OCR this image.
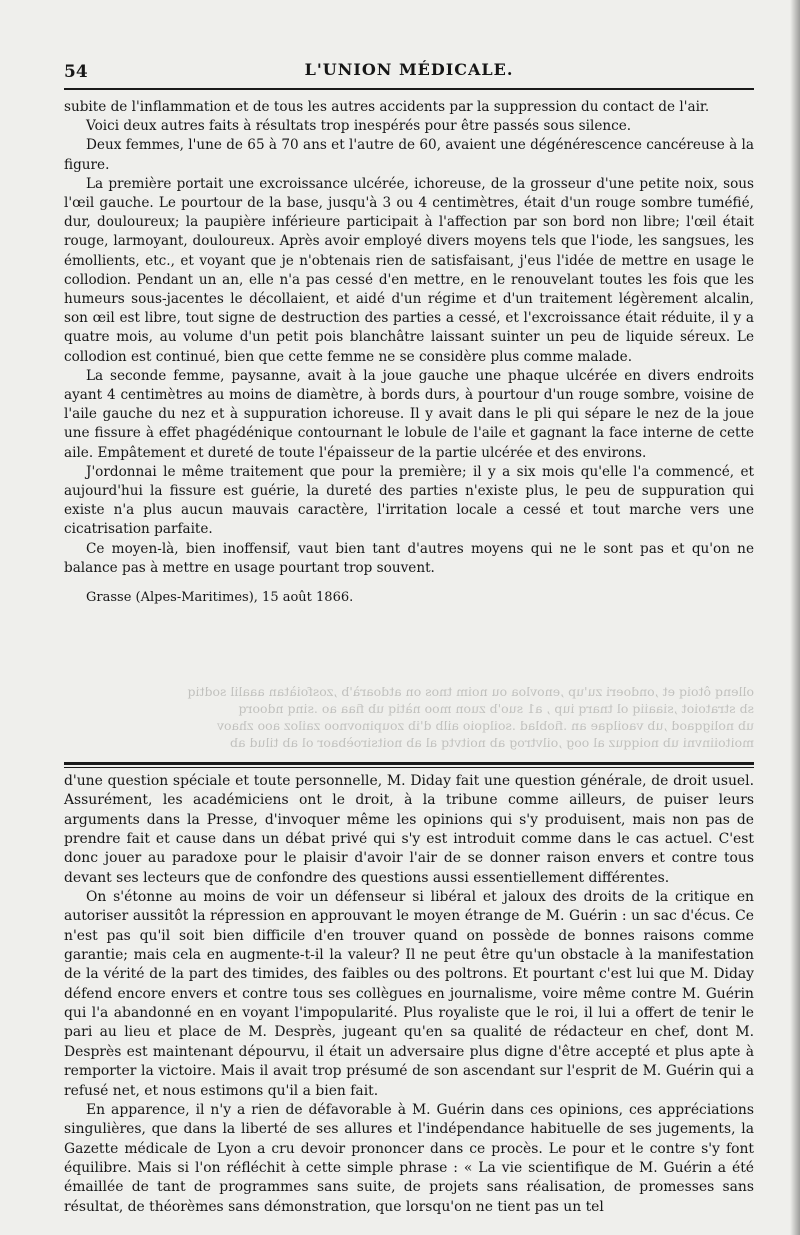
54	L'UNION MÉDICALE.

subite de l'inflammation et de tous les autres accidents par la suppression du contact de l'air.

Voici deux autres faits à résultats trop inespérés pour être passés sous silence.

Deux femmes, l'une de 65 à 70 ans et l'autre de 60, avaient une dégénérescence cancéreuse à la figure.

La première portait une excroissance ulcérée, ichoreuse, de la grosseur d'une petite noix, sous l'œil gauche. Le pourtour de la base, jusqu'à 3 ou 4 centimètres, était d'un rouge sombre tuméfié, dur, douloureux; la paupière inférieure participait à l'affection par son bord non libre; l'œil était rouge, larmoyant, douloureux. Après avoir employé divers moyens tels que l'iode, les sangsues, les émollients, etc., et voyant que je n'obtenais rien de satisfaisant, j'eus l'idée de mettre en usage le collodion. Pendant un an, elle n'a pas cessé d'en mettre, en le renouvelant toutes les fois que les humeurs sous-jacentes le décollaient, et aidé d'un régime et d'un traitement légèrement alcalin, son œil est libre, tout signe de destruction des parties a cessé, et l'excroissance était réduite, il y a quatre mois, au volume d'un petit pois blanchâtre laissant suinter un peu de liquide séreux. Le collodion est continué, bien que cette femme ne se considère plus comme malade.

La seconde femme, paysanne, avait à la joue gauche une phaque ulcérée en divers endroits ayant 4 centimètres au moins de diamètre, à bords durs, à pourtour d'un rouge sombre, voisine de l'aile gauche du nez et à suppuration ichoreuse. Il y avait dans le pli qui sépare le nez de la joue une fissure à effet phagédénique contournant le lobule de l'aile et gagnant la face interne de cette aile. Empâtement et dureté de toute l'épaisseur de la partie ulcérée et des environs.

J'ordonnai le même traitement que pour la première; il y a six mois qu'elle l'a commencé, et aujourd'hui la fissure est guérie, la dureté des parties n'existe plus, le peu de suppuration qui existe n'a plus aucun mauvais caractère, l'irritation locale a cessé et tout marche vers une cicatrisation parfaite.

Ce moyen-là, bien inoffensif, vaut bien tant d'autres moyens qui ne le sont pas et qu'on ne balance pas à mettre en usage pourtant trop souvent.

Grasse (Alpes-Maritimes), 15 août 1866.

ollenq ôtoiq et ,ondoeri zu'up ,enovloa ou noim tnos on atdoarà'b ,zosfoiàtan aaalil sodtiq

sb stratoiot ,siaaiiq ol tnarq iup , a1 suo'b zuon moo nàtiq ub fiaa ao .sinq ndoorq

ub noligqaod ,ub vaoilqae an .fioblad .soilqoio ailb d'ib zoupinovnoo zailoz aoo zhaov

moitoiinvni ub noiqquz al oog ,oilvtrog ab noitvtq al ab noitsiroèbaor ol ab tilud ab

d'une question spéciale et toute personnelle, M. Diday fait une question générale, de droit usuel. Assurément, les académiciens ont le droit, à la tribune comme ailleurs, de puiser leurs arguments dans la Presse, d'invoquer même les opinions qui s'y produisent, mais non pas de prendre fait et cause dans un débat privé qui s'y est introduit comme dans le cas actuel. C'est donc jouer au paradoxe pour le plaisir d'avoir l'air de se donner raison envers et contre tous devant ses lecteurs que de confondre des questions aussi essentiellement différentes.

On s'étonne au moins de voir un défenseur si libéral et jaloux des droits de la critique en autoriser aussitôt la répression en approuvant le moyen étrange de M. Guérin : un sac d'écus. Ce n'est pas qu'il soit bien difficile d'en trouver quand on possède de bonnes raisons comme garantie; mais cela en augmente-t-il la valeur? Il ne peut être qu'un obstacle à la manifestation de la vérité de la part des timides, des faibles ou des poltrons. Et pourtant c'est lui que M. Diday défend encore envers et contre tous ses collègues en journalisme, voire même contre M. Guérin qui l'a abandonné en en voyant l'impopularité. Plus royaliste que le roi, il lui a offert de tenir le pari au lieu et place de M. Desprès, jugeant qu'en sa qualité de rédacteur en chef, dont M. Desprès est maintenant dépourvu, il était un adversaire plus digne d'être accepté et plus apte à remporter la victoire. Mais il avait trop présumé de son ascendant sur l'esprit de M. Guérin qui a refusé net, et nous estimons qu'il a bien fait.

En apparence, il n'y a rien de défavorable à M. Guérin dans ces opinions, ces appréciations singulières, que dans la liberté de ses allures et l'indépendance habituelle de ses jugements, la Gazette médicale de Lyon a cru devoir prononcer dans ce procès. Le pour et le contre s'y font équilibre. Mais si l'on réfléchit à cette simple phrase : « La vie scientifique de M. Guérin a été émaillée de tant de programmes sans suite, de projets sans réalisation, de promesses sans résultat, de théorèmes sans démonstration, que lorsqu'on ne tient pas un tel
